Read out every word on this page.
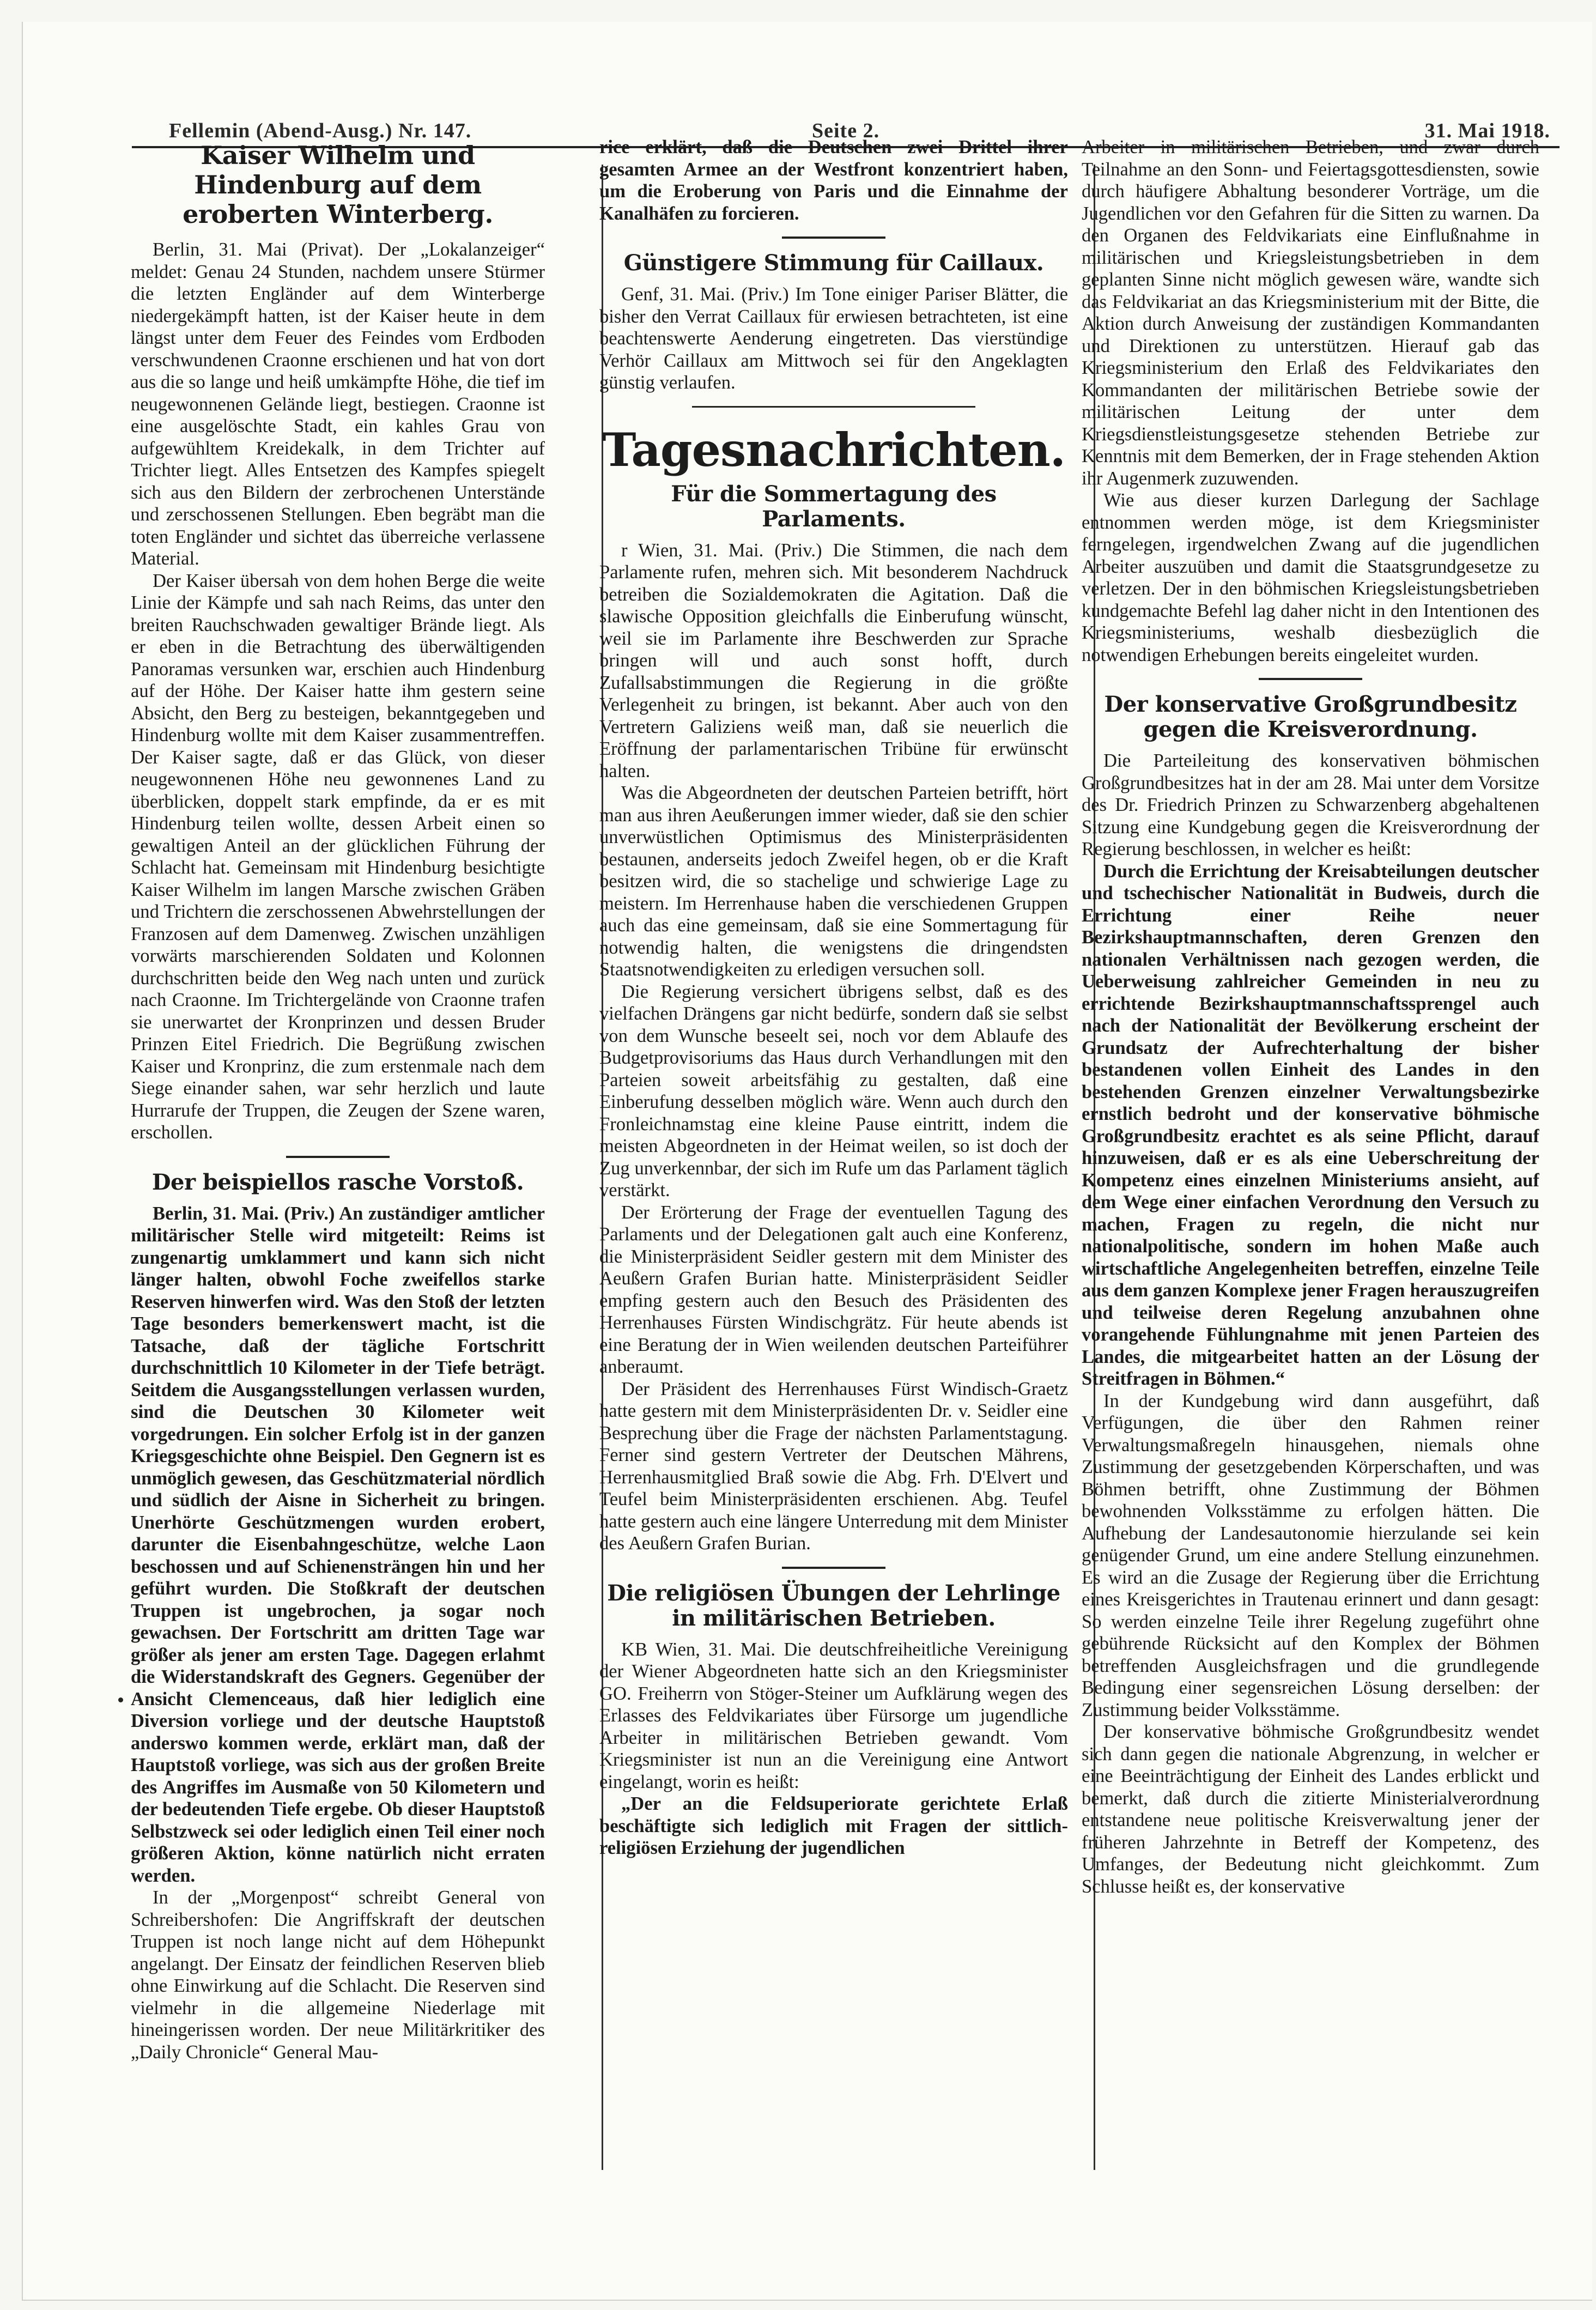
Fellemin (Abend-Ausg.) Nr. 147.	Seite 2.	31. Mai 1918.
Kaiser Wilhelm und Hindenburg auf dem eroberten Winterberg.

Berlin, 31. Mai (Privat). Der „Lokalanzeiger“ meldet: Genau 24 Stunden, nachdem unsere Stürmer die letzten Engländer auf dem Winterberge niedergekämpft hatten, ist der Kaiser heute in dem längst unter dem Feuer des Feindes vom Erdboden verschwundenen Craonne erschienen und hat von dort aus die so lange und heiß umkämpfte Höhe, die tief im neugewonnenen Gelände liegt, bestiegen. Craonne ist eine ausgelöschte Stadt, ein kahles Grau von aufgewühltem Kreidekalk, in dem Trichter auf Trichter liegt. Alles Entsetzen des Kampfes spiegelt sich aus den Bildern der zerbrochenen Unterstände und zerschossenen Stellungen. Eben begräbt man die toten Engländer und sichtet das überreiche verlassene Material.

Der Kaiser übersah von dem hohen Berge die weite Linie der Kämpfe und sah nach Reims, das unter den breiten Rauchschwaden gewaltiger Brände liegt. Als er eben in die Betrachtung des überwältigenden Panoramas versunken war, erschien auch Hindenburg auf der Höhe. Der Kaiser hatte ihm gestern seine Absicht, den Berg zu besteigen, bekanntgegeben und Hindenburg wollte mit dem Kaiser zusammentreffen. Der Kaiser sagte, daß er das Glück, von dieser neugewonnenen Höhe neu gewonnenes Land zu überblicken, doppelt stark empfinde, da er es mit Hindenburg teilen wollte, dessen Arbeit einen so gewaltigen Anteil an der glücklichen Führung der Schlacht hat. Gemeinsam mit Hindenburg besichtigte Kaiser Wilhelm im langen Marsche zwischen Gräben und Trichtern die zerschossenen Abwehrstellungen der Franzosen auf dem Damenweg. Zwischen unzähligen vorwärts marschierenden Soldaten und Kolonnen durchschritten beide den Weg nach unten und zurück nach Craonne. Im Trichtergelände von Craonne trafen sie unerwartet der Kronprinzen und dessen Bruder Prinzen Eitel Friedrich. Die Begrüßung zwischen Kaiser und Kronprinz, die zum erstenmale nach dem Siege einander sahen, war sehr herzlich und laute Hurrarufe der Truppen, die Zeugen der Szene waren, erschollen.

Der beispiellos rasche Vorstoß.

Berlin, 31. Mai. (Priv.) An zuständiger amtlicher militärischer Stelle wird mitgeteilt: Reims ist zungenartig umklammert und kann sich nicht länger halten, obwohl Foche zweifellos starke Reserven hinwerfen wird. Was den Stoß der letzten Tage besonders bemerkenswert macht, ist die Tatsache, daß der tägliche Fortschritt durchschnittlich 10 Kilometer in der Tiefe beträgt. Seitdem die Ausgangsstellungen verlassen wurden, sind die Deutschen 30 Kilometer weit vorgedrungen. Ein solcher Erfolg ist in der ganzen Kriegsgeschichte ohne Beispiel. Den Gegnern ist es unmöglich gewesen, das Geschützmaterial nördlich und südlich der Aisne in Sicherheit zu bringen. Unerhörte Geschützmengen wurden erobert, darunter die Eisenbahngeschütze, welche Laon beschossen und auf Schienensträngen hin und her geführt wurden. Die Stoßkraft der deutschen Truppen ist ungebrochen, ja sogar noch gewachsen. Der Fortschritt am dritten Tage war größer als jener am ersten Tage. Dagegen erlahmt die Widerstandskraft des Gegners. Gegenüber der Ansicht Clemenceaus, daß hier lediglich eine Diversion vorliege und der deutsche Hauptstoß anderswo kommen werde, erklärt man, daß der Hauptstoß vorliege, was sich aus der großen Breite des Angriffes im Ausmaße von 50 Kilometern und der bedeutenden Tiefe ergebe. Ob dieser Hauptstoß Selbstzweck sei oder lediglich einen Teil einer noch größeren Aktion, könne natürlich nicht erraten werden.

In der „Morgenpost“ schreibt General von Schreibershofen: Die Angriffskraft der deutschen Truppen ist noch lange nicht auf dem Höhepunkt angelangt. Der Einsatz der feindlichen Reserven blieb ohne Einwirkung auf die Schlacht. Die Reserven sind vielmehr in die allgemeine Niederlage mit hineingerissen worden. Der neue Militärkritiker des „Daily Chronicle“ General Mau-

rice erklärt, daß die Deutschen zwei Drittel ihrer gesamten Armee an der Westfront konzentriert haben, um die Eroberung von Paris und die Einnahme der Kanalhäfen zu forcieren.

Günstigere Stimmung für Caillaux.

Genf, 31. Mai. (Priv.) Im Tone einiger Pariser Blätter, die bisher den Verrat Caillaux für erwiesen betrachteten, ist eine beachtenswerte Aenderung eingetreten. Das vierstündige Verhör Caillaux am Mittwoch sei für den Angeklagten günstig verlaufen.

Tagesnachrichten.
Für die Sommertagung des Parlaments.

r Wien, 31. Mai. (Priv.) Die Stimmen, die nach dem Parlamente rufen, mehren sich. Mit besonderem Nachdruck betreiben die Sozialdemokraten die Agitation. Daß die slawische Opposition gleichfalls die Einberufung wünscht, weil sie im Parlamente ihre Beschwerden zur Sprache bringen will und auch sonst hofft, durch Zufallsabstimmungen die Regierung in die größte Verlegenheit zu bringen, ist bekannt. Aber auch von den Vertretern Galiziens weiß man, daß sie neuerlich die Eröffnung der parlamentarischen Tribüne für erwünscht halten.

Was die Abgeordneten der deutschen Parteien betrifft, hört man aus ihren Aeußerungen immer wieder, daß sie den schier unverwüstlichen Optimismus des Ministerpräsidenten bestaunen, anderseits jedoch Zweifel hegen, ob er die Kraft besitzen wird, die so stachelige und schwierige Lage zu meistern. Im Herrenhause haben die verschiedenen Gruppen auch das eine gemeinsam, daß sie eine Sommertagung für notwendig halten, die wenigstens die dringendsten Staatsnotwendigkeiten zu erledigen versuchen soll.

Die Regierung versichert übrigens selbst, daß es des vielfachen Drängens gar nicht bedürfe, sondern daß sie selbst von dem Wunsche beseelt sei, noch vor dem Ablaufe des Budgetprovisoriums das Haus durch Verhandlungen mit den Parteien soweit arbeitsfähig zu gestalten, daß eine Einberufung desselben möglich wäre. Wenn auch durch den Fronleichnamstag eine kleine Pause eintritt, indem die meisten Abgeordneten in der Heimat weilen, so ist doch der Zug unverkennbar, der sich im Rufe um das Parlament täglich verstärkt.

Der Erörterung der Frage der eventuellen Tagung des Parlaments und der Delegationen galt auch eine Konferenz, die Ministerpräsident Seidler gestern mit dem Minister des Aeußern Grafen Burian hatte. Ministerpräsident Seidler empfing gestern auch den Besuch des Präsidenten des Herrenhauses Fürsten Windischgrätz. Für heute abends ist eine Beratung der in Wien weilenden deutschen Parteiführer anberaumt.

Der Präsident des Herrenhauses Fürst Windisch-Graetz hatte gestern mit dem Ministerpräsidenten Dr. v. Seidler eine Besprechung über die Frage der nächsten Parlamentstagung. Ferner sind gestern Vertreter der Deutschen Mährens, Herrenhausmitglied Braß sowie die Abg. Frh. D'Elvert und Teufel beim Ministerpräsidenten erschienen. Abg. Teufel hatte gestern auch eine längere Unterredung mit dem Minister des Aeußern Grafen Burian.

Die religiösen Übungen der Lehrlinge in militärischen Betrieben.

KB Wien, 31. Mai. Die deutschfreiheitliche Vereinigung der Wiener Abgeordneten hatte sich an den Kriegsminister GO. Freiherrn von Stöger-Steiner um Aufklärung wegen des Erlasses des Feldvikariates über Fürsorge um jugendliche Arbeiter in militärischen Betrieben gewandt. Vom Kriegsminister ist nun an die Vereinigung eine Antwort eingelangt, worin es heißt:

„Der an die Feldsuperiorate gerichtete Erlaß beschäftigte sich lediglich mit Fragen der sittlich-religiösen Erziehung der jugendlichen

Arbeiter in militärischen Betrieben, und zwar durch Teilnahme an den Sonn- und Feiertagsgottesdiensten, sowie durch häufigere Abhaltung besonderer Vorträge, um die Jugendlichen vor den Gefahren für die Sitten zu warnen. Da den Organen des Feldvikariats eine Einflußnahme in militärischen und Kriegsleistungsbetrieben in dem geplanten Sinne nicht möglich gewesen wäre, wandte sich das Feldvikariat an das Kriegsministerium mit der Bitte, die Aktion durch Anweisung der zuständigen Kommandanten und Direktionen zu unterstützen. Hierauf gab das Kriegsministerium den Erlaß des Feldvikariates den Kommandanten der militärischen Betriebe sowie der militärischen Leitung der unter dem Kriegsdienstleistungsgesetze stehenden Betriebe zur Kenntnis mit dem Bemerken, der in Frage stehenden Aktion ihr Augenmerk zuzuwenden.

Wie aus dieser kurzen Darlegung der Sachlage entnommen werden möge, ist dem Kriegsminister ferngelegen, irgendwelchen Zwang auf die jugendlichen Arbeiter auszuüben und damit die Staatsgrundgesetze zu verletzen. Der in den böhmischen Kriegsleistungsbetrieben kundgemachte Befehl lag daher nicht in den Intentionen des Kriegsministeriums, weshalb diesbezüglich die notwendigen Erhebungen bereits eingeleitet wurden.

Der konservative Großgrundbesitz gegen die Kreisverordnung.

Die Parteileitung des konservativen böhmischen Großgrundbesitzes hat in der am 28. Mai unter dem Vorsitze des Dr. Friedrich Prinzen zu Schwarzenberg abgehaltenen Sitzung eine Kundgebung gegen die Kreisverordnung der Regierung beschlossen, in welcher es heißt:

Durch die Errichtung der Kreisabteilungen deutscher und tschechischer Nationalität in Budweis, durch die Errichtung einer Reihe neuer Bezirkshauptmannschaften, deren Grenzen den nationalen Verhältnissen nach gezogen werden, die Ueberweisung zahlreicher Gemeinden in neu zu errichtende Bezirkshauptmannschaftssprengel auch nach der Nationalität der Bevölkerung erscheint der Grundsatz der Aufrechterhaltung der bisher bestandenen vollen Einheit des Landes in den bestehenden Grenzen einzelner Verwaltungsbezirke ernstlich bedroht und der konservative böhmische Großgrundbesitz erachtet es als seine Pflicht, darauf hinzuweisen, daß er es als eine Ueberschreitung der Kompetenz eines einzelnen Ministeriums ansieht, auf dem Wege einer einfachen Verordnung den Versuch zu machen, Fragen zu regeln, die nicht nur nationalpolitische, sondern im hohen Maße auch wirtschaftliche Angelegenheiten betreffen, einzelne Teile aus dem ganzen Komplexe jener Fragen herauszugreifen und teilweise deren Regelung anzubahnen ohne vorangehende Fühlungnahme mit jenen Parteien des Landes, die mitgearbeitet hatten an der Lösung der Streitfragen in Böhmen.“

In der Kundgebung wird dann ausgeführt, daß Verfügungen, die über den Rahmen reiner Verwaltungsmaßregeln hinausgehen, niemals ohne Zustimmung der gesetzgebenden Körperschaften, und was Böhmen betrifft, ohne Zustimmung der Böhmen bewohnenden Volksstämme zu erfolgen hätten. Die Aufhebung der Landesautonomie hierzulande sei kein genügender Grund, um eine andere Stellung einzunehmen. Es wird an die Zusage der Regierung über die Errichtung eines Kreisgerichtes in Trautenau erinnert und dann gesagt: So werden einzelne Teile ihrer Regelung zugeführt ohne gebührende Rücksicht auf den Komplex der Böhmen betreffenden Ausgleichsfragen und die grundlegende Bedingung einer segensreichen Lösung derselben: der Zustimmung beider Volksstämme.

Der konservative böhmische Großgrundbesitz wendet sich dann gegen die nationale Abgrenzung, in welcher er eine Beeinträchtigung der Einheit des Landes erblickt und bemerkt, daß durch die zitierte Ministerialverordnung entstandene neue politische Kreisverwaltung jener der früheren Jahrzehnte in Betreff der Kompetenz, des Umfanges, der Bedeutung nicht gleichkommt. Zum Schlusse heißt es, der konservative
